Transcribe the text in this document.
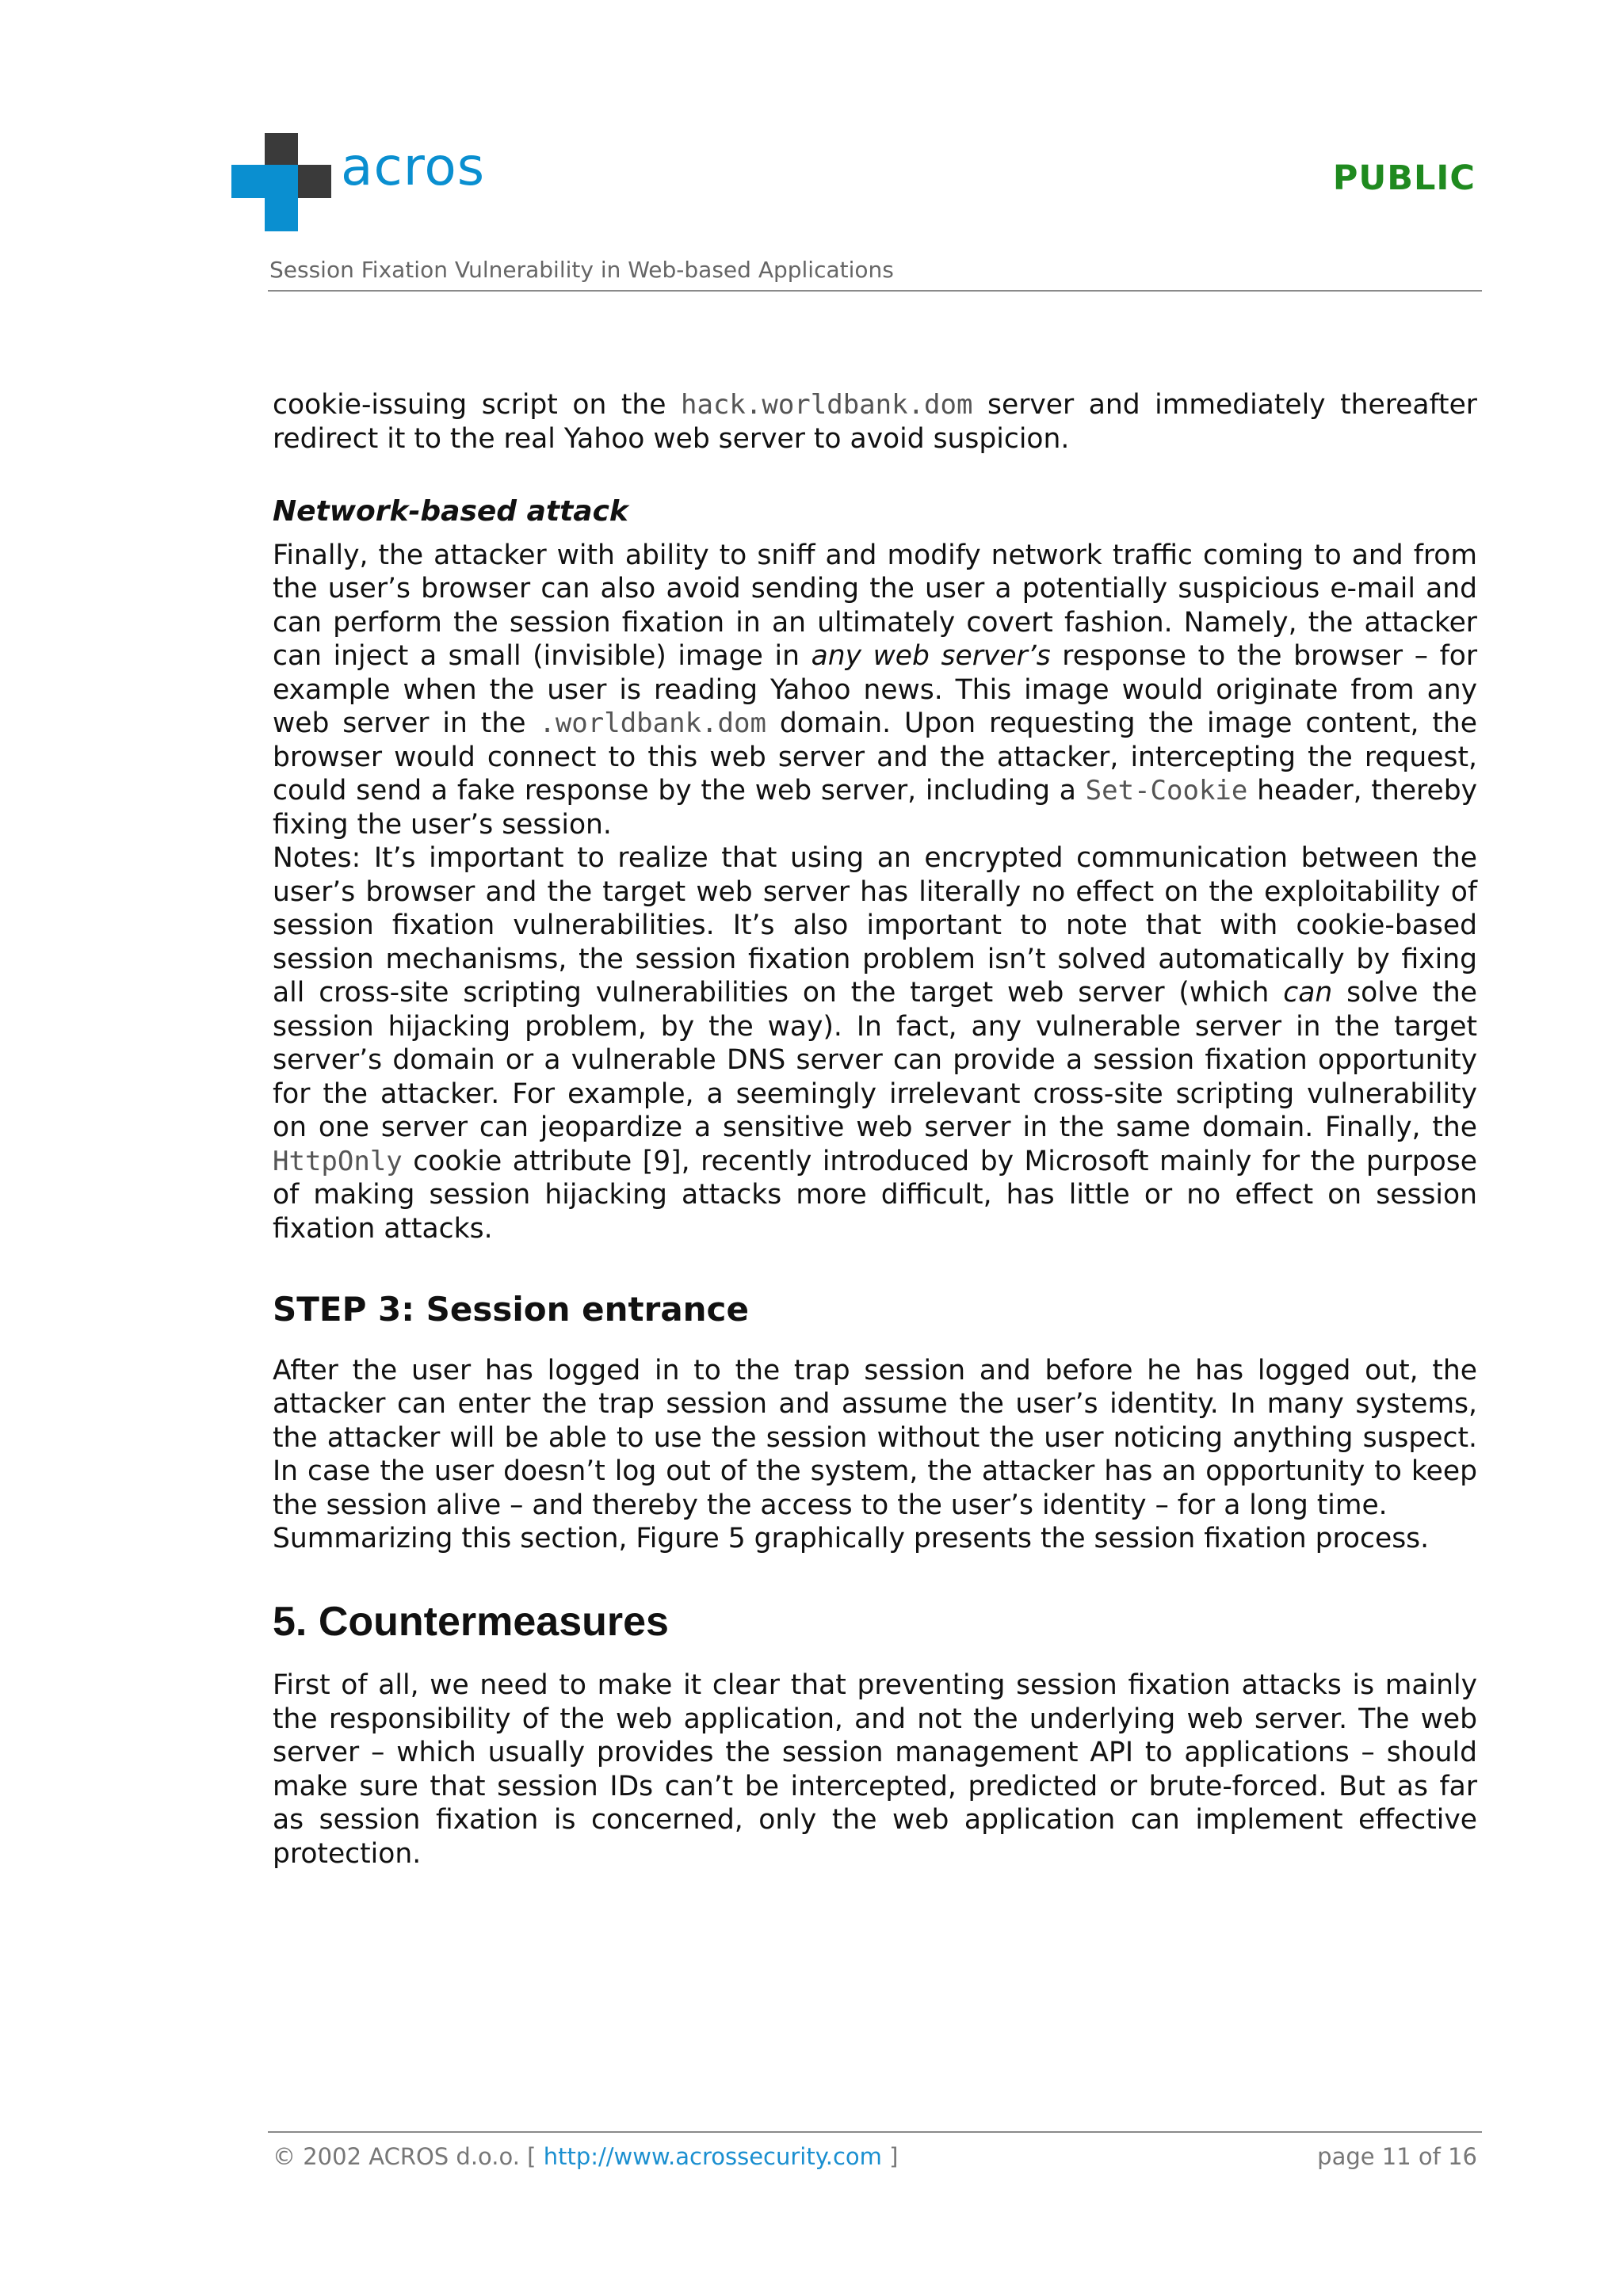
acros	PUBLIC
Session Fixation Vulnerability in Web-based Applications

cookie-issuing script on the hack.worldbank.dom server and immediately thereafter redirect it to the real Yahoo web server to avoid suspicion.

Network-based attack

Finally, the attacker with ability to sniff and modify network traffic coming to and from the user’s browser can also avoid sending the user a potentially suspicious e-mail and can perform the session fixation in an ultimately covert fashion. Namely, the attacker can inject a small (invisible) image in any web server’s response to the browser – for example when the user is reading Yahoo news. This image would originate from any web server in the .worldbank.dom domain. Upon requesting the image content, the browser would connect to this web server and the attacker, intercepting the request, could send a fake response by the web server, including a Set-Cookie header, thereby fixing the user’s session.

Notes: It’s important to realize that using an encrypted communication between the user’s browser and the target web server has literally no effect on the exploitability of session fixation vulnerabilities. It’s also important to note that with cookie-based session mechanisms, the session fixation problem isn’t solved automatically by fixing all cross-site scripting vulnerabilities on the target web server (which can solve the session hijacking problem, by the way). In fact, any vulnerable server in the target server’s domain or a vulnerable DNS server can provide a session fixation opportunity for the attacker. For example, a seemingly irrelevant cross-site scripting vulnerability on one server can jeopardize a sensitive web server in the same domain. Finally, the HttpOnly cookie attribute [9], recently introduced by Microsoft mainly for the purpose of making session hijacking attacks more difficult, has little or no effect on session fixation attacks.

STEP 3: Session entrance

After the user has logged in to the trap session and before he has logged out, the attacker can enter the trap session and assume the user’s identity. In many systems, the attacker will be able to use the session without the user noticing anything suspect. In case the user doesn’t log out of the system, the attacker has an opportunity to keep the session alive – and thereby the access to the user’s identity – for a long time.

Summarizing this section, Figure 5 graphically presents the session fixation process.

5. Countermeasures

First of all, we need to make it clear that preventing session fixation attacks is mainly the responsibility of the web application, and not the underlying web server. The web server – which usually provides the session management API to applications – should make sure that session IDs can’t be intercepted, predicted or brute-forced. But as far as session fixation is concerned, only the web application can implement effective protection.

© 2002 ACROS d.o.o. [ http://www.acrossecurity.com ]	page 11 of 16
